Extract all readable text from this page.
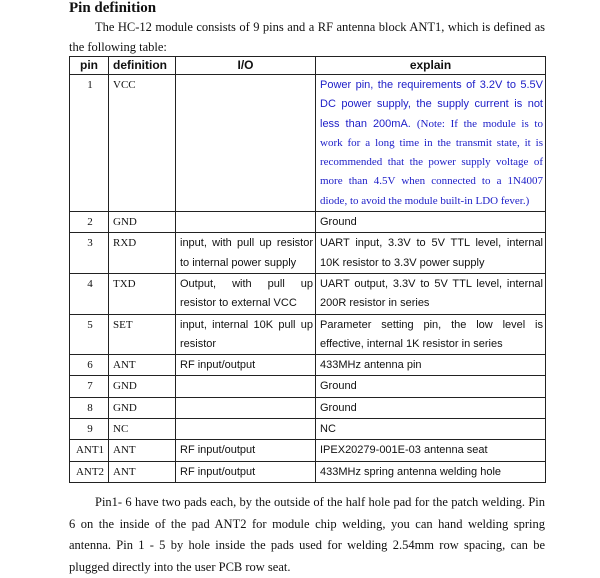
Pin definition

The HC-12 module consists of 9 pins and a RF antenna block ANT1, which is defined as the following table:

pin	definition	I/O	explain
1	VCC		Power pin, the requirements of 3.2V to 5.5V DC power supply, the supply current is not less than 200mA. (Note: If the module is to work for a long time in the transmit state, it is recommended that the power supply voltage of more than 4.5V when connected to a 1N4007 diode, to avoid the module built-in LDO fever.)
2	GND		Ground
3	RXD	input, with pull up resistor to internal power supply	UART input, 3.3V to 5V TTL level, internal 10K resistor to 3.3V power supply
4	TXD	Output, with pull up resistor to external VCC	UART output, 3.3V to 5V TTL level, internal 200R resistor in series
5	SET	input, internal 10K pull up resistor	Parameter setting pin, the low level is effective, internal 1K resistor in series
6	ANT	RF input/output	433MHz antenna pin
7	GND		Ground
8	GND		Ground
9	NC		NC
ANT1	ANT	RF input/output	IPEX20279-001E-03 antenna seat
ANT2	ANT	RF input/output	433MHz spring antenna welding hole

Pin1- 6 have two pads each, by the outside of the half hole pad for the patch welding. Pin 6 on the inside of the pad ANT2 for module chip welding, you can hand welding spring antenna. Pin 1 - 5 by hole inside the pads used for welding 2.54mm row spacing, can be plugged directly into the user PCB row seat.
